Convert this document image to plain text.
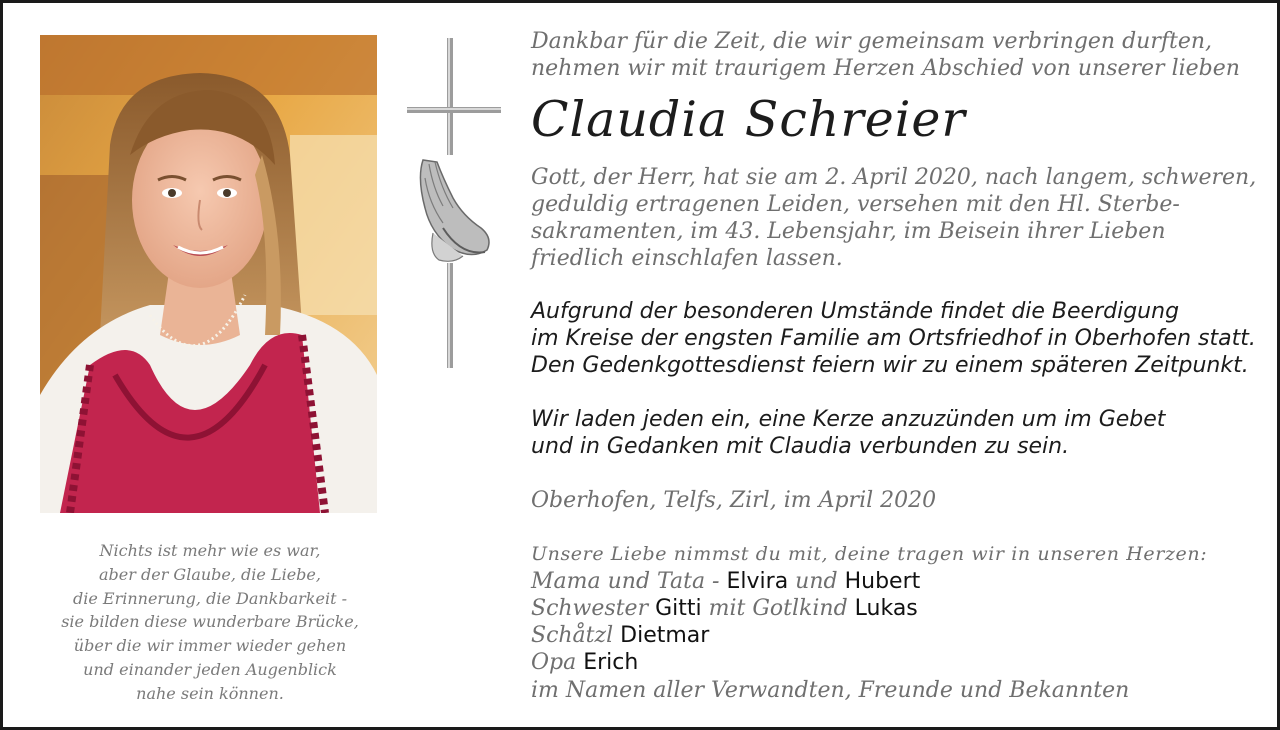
Nichts ist mehr wie es war,
aber der Glaube, die Liebe,
die Erinnerung, die Dankbarkeit -
sie bilden diese wunderbare Brücke,
über die wir immer wieder gehen
und einander jeden Augenblick
nahe sein können.
Dankbar für die Zeit, die wir gemeinsam verbringen durften,
nehmen wir mit traurigem Herzen Abschied von unserer lieben
Claudia Schreier
Gott, der Herr, hat sie am 2. April 2020, nach langem, schweren,
geduldig ertragenen Leiden, versehen mit den Hl. Sterbe-
sakramenten, im 43. Lebensjahr, im Beisein ihrer Lieben
friedlich einschlafen lassen.
Aufgrund der besonderen Umstände findet die Beerdigung
im Kreise der engsten Familie am Ortsfriedhof in Oberhofen statt.
Den Gedenkgottesdienst feiern wir zu einem späteren Zeitpunkt.
Wir laden jeden ein, eine Kerze anzuzünden um im Gebet
und in Gedanken mit Claudia verbunden zu sein.
Oberhofen, Telfs, Zirl, im April 2020
Unsere Liebe nimmst du mit, deine tragen wir in unseren Herzen:
Mama und Tata - Elvira und Hubert
Schwester Gitti mit Gotlkind Lukas
Schåtzl Dietmar
Opa Erich
im Namen aller Verwandten, Freunde und Bekannten
